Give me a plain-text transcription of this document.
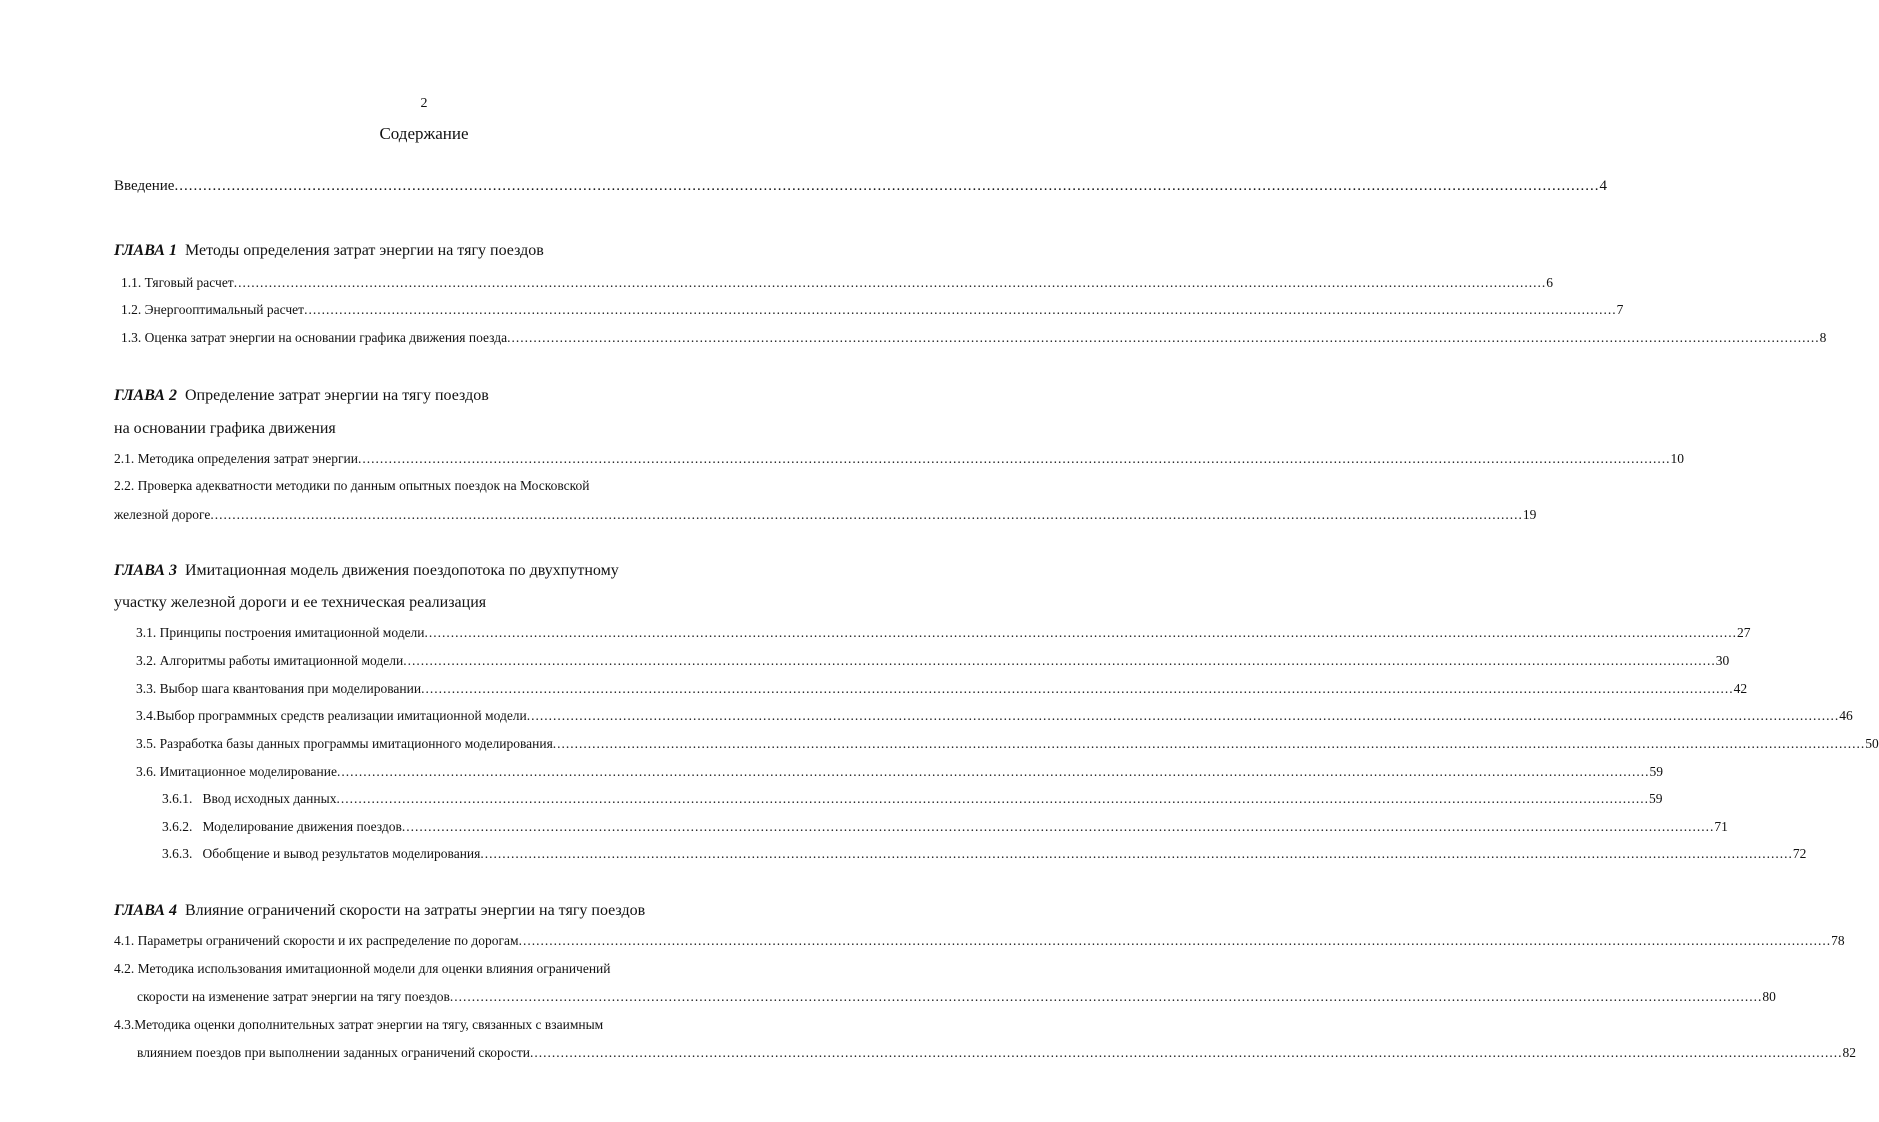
2
Содержание
Введение ............................................................................................................................................................................................................................................................................................................ 4
ГЛАВА 1 Методы определения затрат энергии на тягу поездов
1.1. Тяговый расчет ............................................................................................................................................................................................................................................................................................................ 6
1.2. Энергооптимальный расчет ............................................................................................................................................................................................................................................................................................................ 7
1.3. Оценка затрат энергии на основании графика движения поезда ............................................................................................................................................................................................................................................................................................................ 8
ГЛАВА 2 Определение затрат энергии на тягу поездов
на основании графика движения
2.1. Методика определения затрат энергии ............................................................................................................................................................................................................................................................................................................ 10
2.2. Проверка адекватности методики по данным опытных поездок на Московской
железной дороге ............................................................................................................................................................................................................................................................................................................ 19
ГЛАВА 3 Имитационная модель движения поездопотока по двухпутному
участку железной дороги и ее техническая реализация
3.1. Принципы построения имитационной модели ............................................................................................................................................................................................................................................................................................................ 27
3.2. Алгоритмы работы имитационной модели ............................................................................................................................................................................................................................................................................................................ 30
3.3. Выбор шага квантования при моделировании ............................................................................................................................................................................................................................................................................................................ 42
3.4.Выбор программных средств реализации имитационной модели ............................................................................................................................................................................................................................................................................................................ 46
3.5. Разработка базы данных программы имитационного моделирования ............................................................................................................................................................................................................................................................................................................ 50
3.6. Имитационное моделирование ............................................................................................................................................................................................................................................................................................................ 59
3.6.1.   Ввод исходных данных ............................................................................................................................................................................................................................................................................................................ 59
3.6.2.   Моделирование движения поездов ............................................................................................................................................................................................................................................................................................................ 71
3.6.3.   Обобщение и вывод результатов моделирования ............................................................................................................................................................................................................................................................................................................ 72
ГЛАВА 4 Влияние ограничений скорости на затраты энергии на тягу поездов
4.1. Параметры ограничений скорости и их распределение по дорогам ............................................................................................................................................................................................................................................................................................................ 78
4.2. Методика использования имитационной модели для оценки влияния ограничений
скорости на изменение затрат энергии на тягу поездов ............................................................................................................................................................................................................................................................................................................ 80
4.3.Методика оценки дополнительных затрат энергии на тягу, связанных с взаимным
влиянием поездов при выполнении заданных ограничений скорости ............................................................................................................................................................................................................................................................................................................ 82
